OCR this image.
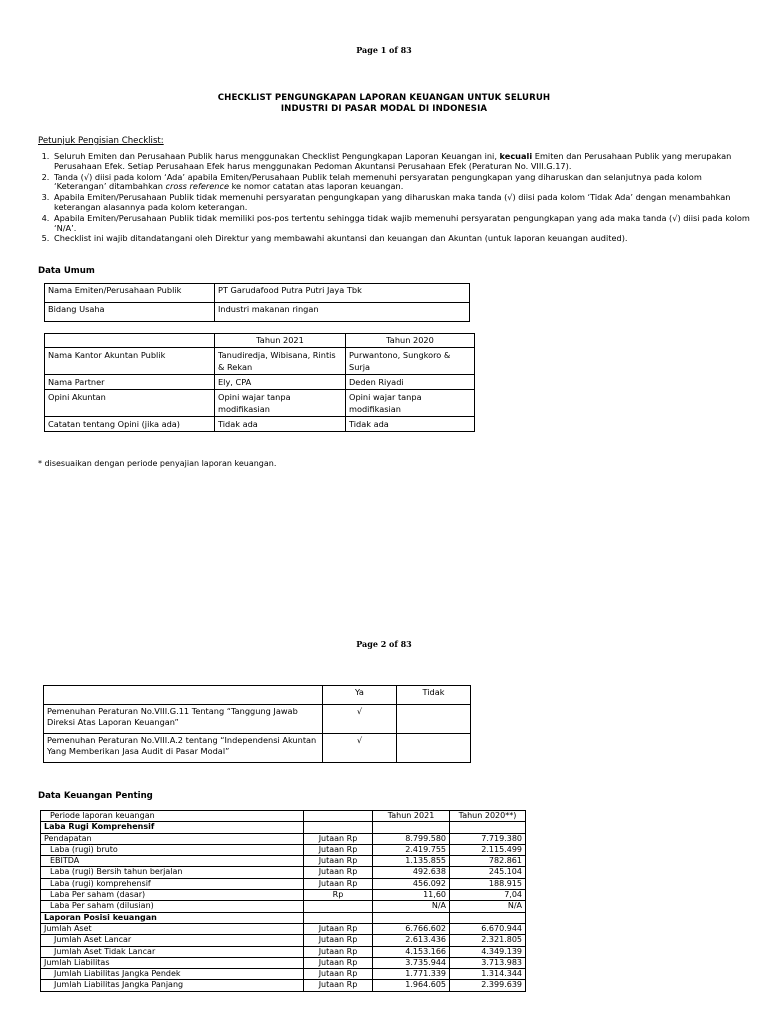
Page 1 of 83
CHECKLIST PENGUNGKAPAN LAPORAN KEUANGAN UNTUK SELURUH
INDUSTRI DI PASAR MODAL DI INDONESIA
Petunjuk Pengisian Checklist:
1. Seluruh Emiten dan Perusahaan Publik harus menggunakan Checklist Pengungkapan Laporan Keuangan ini, kecuali Emiten dan Perusahaan Publik yang merupakan Perusahaan Efek. Setiap Perusahaan Efek harus menggunakan Pedoman Akuntansi Perusahaan Efek (Peraturan No. VIII.G.17).
2. Tanda (√) diisi pada kolom ‘Ada’ apabila Emiten/Perusahaan Publik telah memenuhi persyaratan pengungkapan yang diharuskan dan selanjutnya pada kolom ‘Keterangan’ ditambahkan cross reference ke nomor catatan atas laporan keuangan.
3. Apabila Emiten/Perusahaan Publik tidak memenuhi persyaratan pengungkapan yang diharuskan maka tanda (√) diisi pada kolom ‘Tidak Ada’ dengan menambahkan keterangan alasannya pada kolom keterangan.
4. Apabila Emiten/Perusahaan Publik tidak memiliki pos-pos tertentu sehingga tidak wajib memenuhi persyaratan pengungkapan yang ada maka tanda (√) diisi pada kolom ‘N/A’.
5. Checklist ini wajib ditandatangani oleh Direktur yang membawahi akuntansi dan keuangan dan Akuntan (untuk laporan keuangan audited).
Data Umum
Nama Emiten/Perusahaan Publik	PT Garudafood Putra Putri Jaya Tbk
Bidang Usaha	Industri makanan ringan
	Tahun 2021	Tahun 2020
Nama Kantor Akuntan Publik	Tanudiredja, Wibisana, Rintis & Rekan	Purwantono, Sungkoro & Surja
Nama Partner	Ely, CPA	Deden Riyadi
Opini Akuntan	Opini wajar tanpa modifikasian	Opini wajar tanpa modifikasian
Catatan tentang Opini (jika ada)	Tidak ada	Tidak ada
* disesuaikan dengan periode penyajian laporan keuangan.
Page 2 of 83
	Ya	Tidak
Pemenuhan Peraturan No.VIII.G.11 Tentang “Tanggung Jawab Direksi Atas Laporan Keuangan”	√	
Pemenuhan Peraturan No.VIII.A.2 tentang “Independensi Akuntan Yang Memberikan Jasa Audit di Pasar Modal”	√	
Data Keuangan Penting
Periode laporan keuangan		Tahun 2021	Tahun 2020**)
Laba Rugi Komprehensif			
Pendapatan	Jutaan Rp	8.799.580	7.719.380
Laba (rugi) bruto	Jutaan Rp	2.419.755	2.115.499
EBITDA	Jutaan Rp	1.135.855	782.861
Laba (rugi) Bersih tahun berjalan	Jutaan Rp	492.638	245.104
Laba (rugi) komprehensif	Jutaan Rp	456.092	188.915
Laba Per saham (dasar)	Rp	11,60	7,04
Laba Per saham (dilusian)		N/A	N/A
Laporan Posisi keuangan			
Jumlah Aset	Jutaan Rp	6.766.602	6.670.944
Jumlah Aset Lancar	Jutaan Rp	2.613.436	2.321.805
Jumlah Aset Tidak Lancar	Jutaan Rp	4.153.166	4.349.139
Jumlah Liabilitas	Jutaan Rp	3.735.944	3.713.983
Jumlah Liabilitas Jangka Pendek	Jutaan Rp	1.771.339	1.314.344
Jumlah Liabilitas Jangka Panjang	Jutaan Rp	1.964.605	2.399.639
